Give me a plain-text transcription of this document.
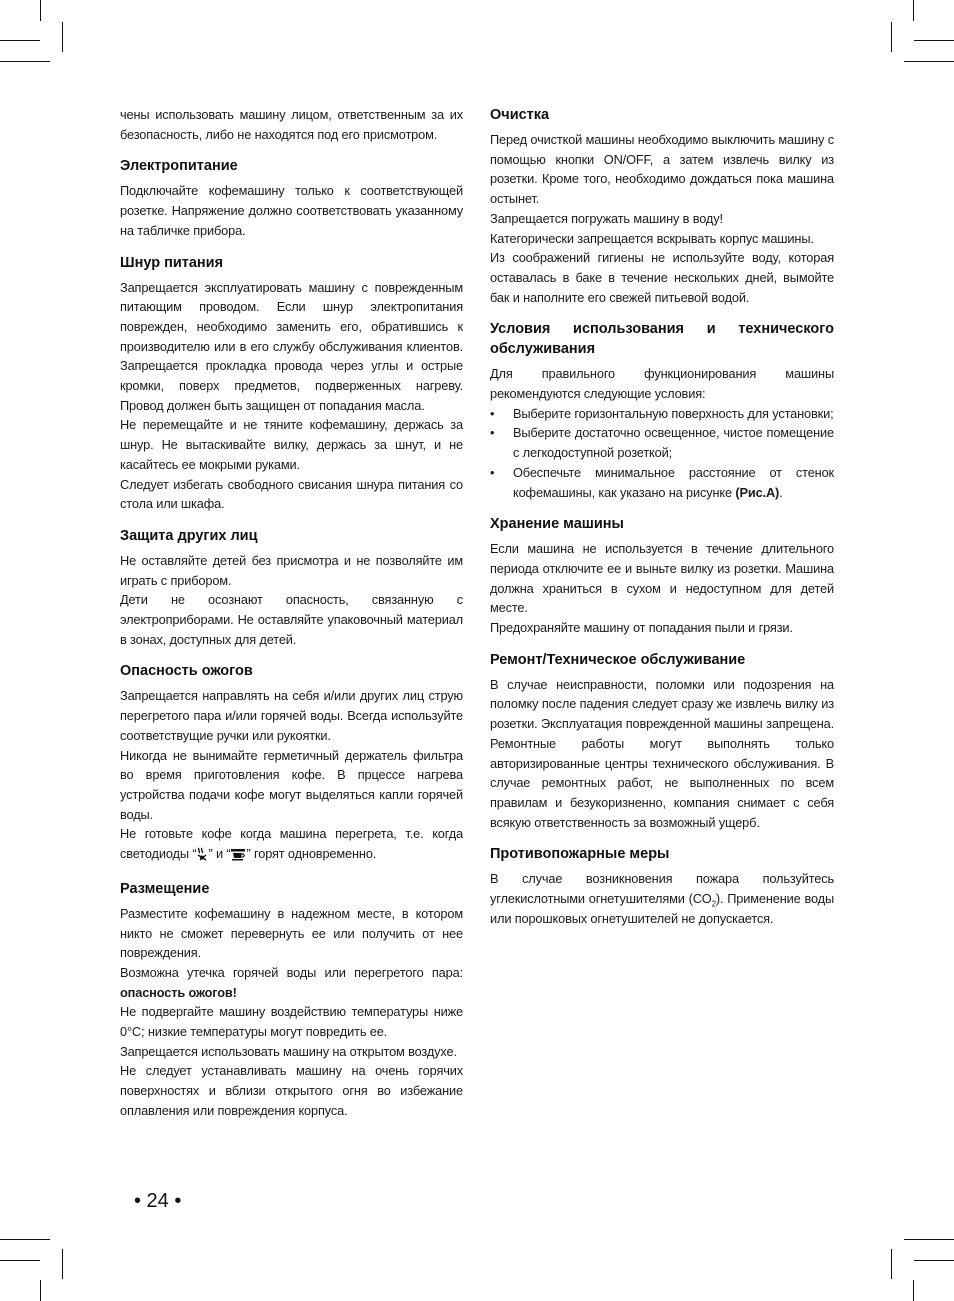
чены использовать машину лицом, ответственным за их безопасность, либо не находятся под его присмотром.

Электропитание

Подключайте кофемашину только к соответствующей розетке. Напряжение должно соответствовать указанному на табличке прибора.

Шнур питания

Запрещается эксплуатировать машину с поврежденным питающим проводом. Если шнур электропитания поврежден, необходимо заменить его, обратившись к производителю или в его службу обслуживания клиентов. Запрещается прокладка провода через углы и острые кромки, поверх предметов, подверженных нагреву. Провод должен быть защищен от попадания масла.

Не перемещайте и не тяните кофемашину, держась за шнур. Не вытаскивайте вилку, держась за шнут, и не касайтесь ее мокрыми руками.

Следует избегать свободного свисания шнура питания со стола или шкафа.

Защита других лиц

Не оставляйте детей без присмотра и не позволяйте им играть с прибором.

Дети не осознают опасность, связанную с электроприборами. Не оставляйте упаковочный материал в зонах, доступных для детей.

Опасность ожогов

Запрещается направлять на себя и/или других лиц струю перегретого пара и/или горячей воды. Всегда используйте соответствущие ручки или рукоятки.

Никогда не вынимайте герметичный держатель фильтра во время приготовления кофе. В прцессе нагрева устройства подачи кофе могут выделяться капли горячей воды.

Не готовьте кофе когда машина перегрета, т.е. когда светодиоды “ ” и “ ” горят одновременно.

Размещение

Разместите кофемашину в надежном месте, в котором никто не сможет перевернуть ее или получить от нее повреждения.

Возможна утечка горячей воды или перегретого пара: опасность ожогов!

Не подвергайте машину воздействию температуры ниже 0°C; низкие температуры могут повредить ее.

Запрещается использовать машину на открытом воздухе.

Не следует устанавливать машину на очень горячих поверхностях и вблизи открытого огня во избежание оплавления или повреждения корпуса.

Очистка

Перед очисткой машины необходимо выключить машину с помощью кнопки ON/OFF, а затем извлечь вилку из розетки. Кроме того, необходимо дождаться пока машина остынет.

Запрещается погружать машину в воду!

Категорически запрещается вскрывать корпус машины.

Из соображений гигиены не используйте воду, которая оставалась в баке в течение нескольких дней, вымойте бак и наполните его свежей питьевой водой.

Условия использования и технического обслуживания

Для правильного функционирования машины рекомендуются следующие условия:

• Выберите горизонтальную поверхность для установки;
• Выберите достаточно освещенное, чистое помещение с легкодоступной розеткой;
• Обеспечьте минимальное расстояние от стенок кофемашины, как указано на рисунке (Рис.А).
Хранение машины

Если машина не используется в течение длительного периода отключите ее и выньте вилку из розетки. Машина должна храниться в сухом и недоступном для детей месте.

Предохраняйте машину от попадания пыли и грязи.

Ремонт/Техническое обслуживание

В случае неисправности, поломки или подозрения на поломку после падения следует сразу же извлечь вилку из розетки. Эксплуатация поврежденной машины запрещена. Ремонтные работы могут выполнять только авторизированные центры технического обслуживания. В случае ремонтных работ, не выполненных по всем правилам и безукоризненно, компания снимает с себя всякую ответственность за возможный ущерб.

Противопожарные меры

В случае возникновения пожара пользуйтесь углекислотными огнетушителями $(CO_2)$. Применение воды или порошковых огнетушителей не допускается.

• 24 •
